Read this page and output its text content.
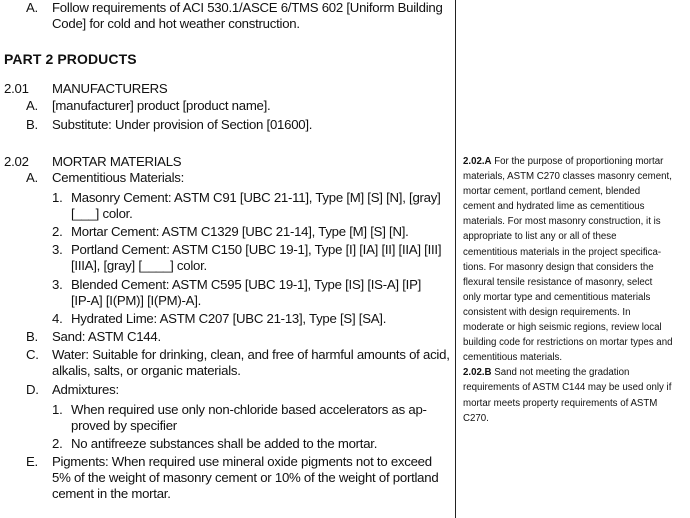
A. Follow requirements of ACI 530.1/ASCE 6/TMS 602 [Uniform Building
Code] for cold and hot weather construction.
PART 2 PRODUCTS
2.01 MANUFACTURERS
A. [manufacturer] product [product name].
B. Substitute: Under provision of Section [01600].
2.02 MORTAR MATERIALS
A. Cementitious Materials:
1. Masonry Cement: ASTM C91 [UBC 21-11], Type [M] [S] [N], [gray]
[___] color.
2. Mortar Cement: ASTM C1329 [UBC 21-14], Type [M] [S] [N].
3. Portland Cement: ASTM C150 [UBC 19-1], Type [I] [IA] [II] [IIA] [III]
[IIIA], [gray] [____] color.
3. Blended Cement: ASTM C595 [UBC 19-1], Type [IS] [IS-A] [IP]
[IP-A] [I(PM)] [I(PM)-A].
4. Hydrated Lime: ASTM C207 [UBC 21-13], Type [S] [SA].
B. Sand: ASTM C144.
C. Water: Suitable for drinking, clean, and free of harmful amounts of acid,
alkalis, salts, or organic materials.
D. Admixtures:
1. When required use only non-chloride based accelerators as ap-
proved by specifier
2. No antifreeze substances shall be added to the mortar.
E. Pigments: When required use mineral oxide pigments not to exceed
5% of the weight of masonry cement or 10% of the weight of portland
cement in the mortar.
2.02.A For the purpose of proportioning mortar
materials, ASTM C270 classes masonry cement,
mortar cement, portland cement, blended
cement and hydrated lime as cementitious
materials. For most masonry construction, it is
appropriate to list any or all of these
cementitious materials in the project specifica-
tions. For masonry design that considers the
flexural tensile resistance of masonry, select
only mortar type and cementitious materials
consistent with design requirements. In
moderate or high seismic regions, review local
building code for restrictions on mortar types and
cementitious materials.
2.02.B Sand not meeting the gradation
requirements of ASTM C144 may be used only if
mortar meets property requirements of ASTM
C270.
